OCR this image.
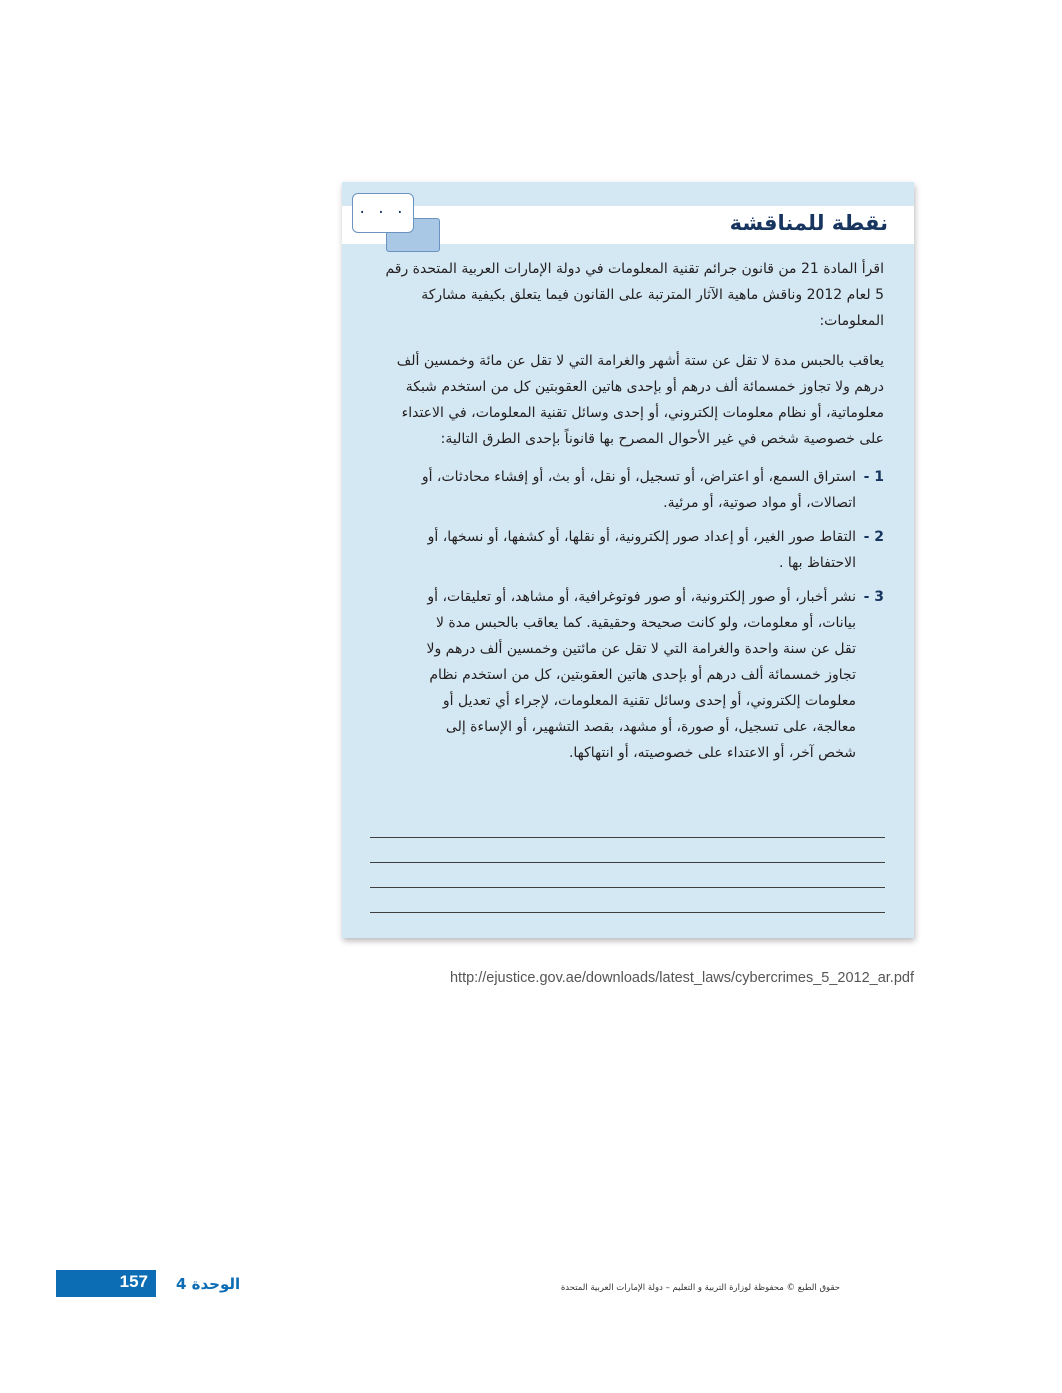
نقطة للمناقشة
. . .

اقرأ المادة 21 من قانون جرائم تقنية المعلومات في دولة الإمارات العربية المتحدة رقم 5 لعام 2012 وناقش ماهية الآثار المترتبة على القانون فيما يتعلق بكيفية مشاركة المعلومات:

يعاقب بالحبس مدة لا تقل عن ستة أشهر والغرامة التي لا تقل عن مائة وخمسين ألف درهم ولا تجاوز خمسمائة ألف درهم أو بإحدى هاتين العقوبتين كل من استخدم شبكة معلوماتية، أو نظام معلومات إلكتروني، أو إحدى وسائل تقنية المعلومات، في الاعتداء على خصوصية شخص في غير الأحوال المصرح بها قانوناً بإحدى الطرق التالية:

1 -
استراق السمع، أو اعتراض، أو تسجيل، أو نقل، أو بث، أو إفشاء محادثات، أو اتصالات، أو مواد صوتية، أو مرئية.
2 -
التقاط صور الغير، أو إعداد صور إلكترونية، أو نقلها، أو كشفها، أو نسخها، أو الاحتفاظ بها .
3 -
نشر أخبار، أو صور إلكترونية، أو صور فوتوغرافية، أو مشاهد، أو تعليقات، أو بيانات، أو معلومات، ولو كانت صحيحة وحقيقية. كما يعاقب بالحبس مدة لا تقل عن سنة واحدة والغرامة التي لا تقل عن مائتين وخمسين ألف درهم ولا تجاوز خمسمائة ألف درهم أو بإحدى هاتين العقوبتين، كل من استخدم نظام معلومات إلكتروني، أو إحدى وسائل تقنية المعلومات، لإجراء أي تعديل أو معالجة، على تسجيل، أو صورة، أو مشهد، بقصد التشهير، أو الإساءة إلى شخص آخر، أو الاعتداء على خصوصيته، أو انتهاكها.
http://ejustice.gov.ae/downloads/latest_laws/cybercrimes_5_2012_ar.pdf
157 الوحدة 4	حقوق الطبع © محفوظة لوزارة التربية و التعليم – دولة الإمارات العربية المتحدة
